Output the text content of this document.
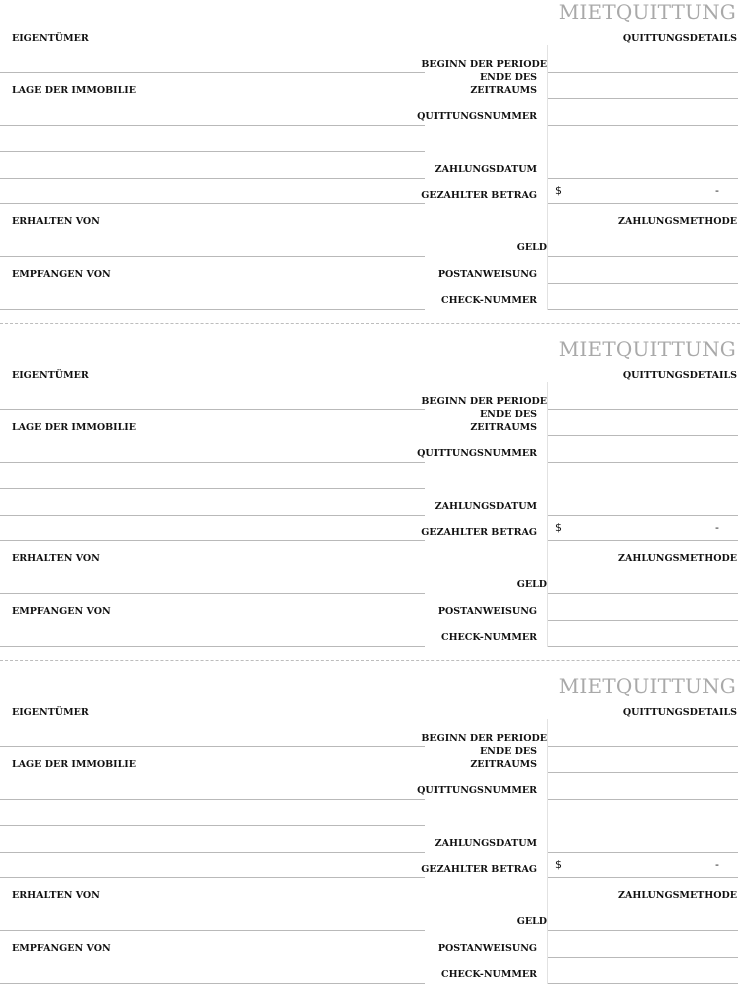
MIETQUITTUNG
EIGENTÜMER
LAGE DER IMMOBILIE
ERHALTEN VON
EMPFANGEN VON
QUITTUNGSDETAILS
BEGINN DER PERIODE
ENDE DES
ZEITRAUMS
QUITTUNGSNUMMER
ZAHLUNGSDATUM
GEZAHLTER BETRAG $	-
ZAHLUNGSMETHODE
GELD
POSTANWEISUNG
CHECK-NUMMER
MIETQUITTUNG
EIGENTÜMER
LAGE DER IMMOBILIE
ERHALTEN VON
EMPFANGEN VON
QUITTUNGSDETAILS
BEGINN DER PERIODE
ENDE DES
ZEITRAUMS
QUITTUNGSNUMMER
ZAHLUNGSDATUM
GEZAHLTER BETRAG $	-
ZAHLUNGSMETHODE
GELD
POSTANWEISUNG
CHECK-NUMMER
MIETQUITTUNG
EIGENTÜMER
LAGE DER IMMOBILIE
ERHALTEN VON
EMPFANGEN VON
QUITTUNGSDETAILS
BEGINN DER PERIODE
ENDE DES
ZEITRAUMS
QUITTUNGSNUMMER
ZAHLUNGSDATUM
GEZAHLTER BETRAG $	-
ZAHLUNGSMETHODE
GELD
POSTANWEISUNG
CHECK-NUMMER
